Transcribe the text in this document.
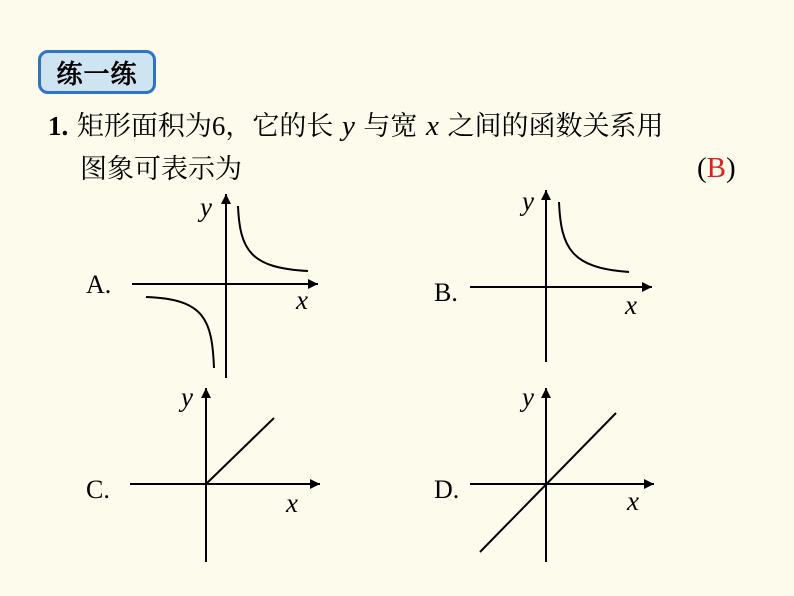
练一练
1. 矩形面积为6，它的长 y 与宽 x 之间的函数关系用
图象可表示为	(B)
A.	B.
C.	D.
y
x
y
x
y
x
y
x
